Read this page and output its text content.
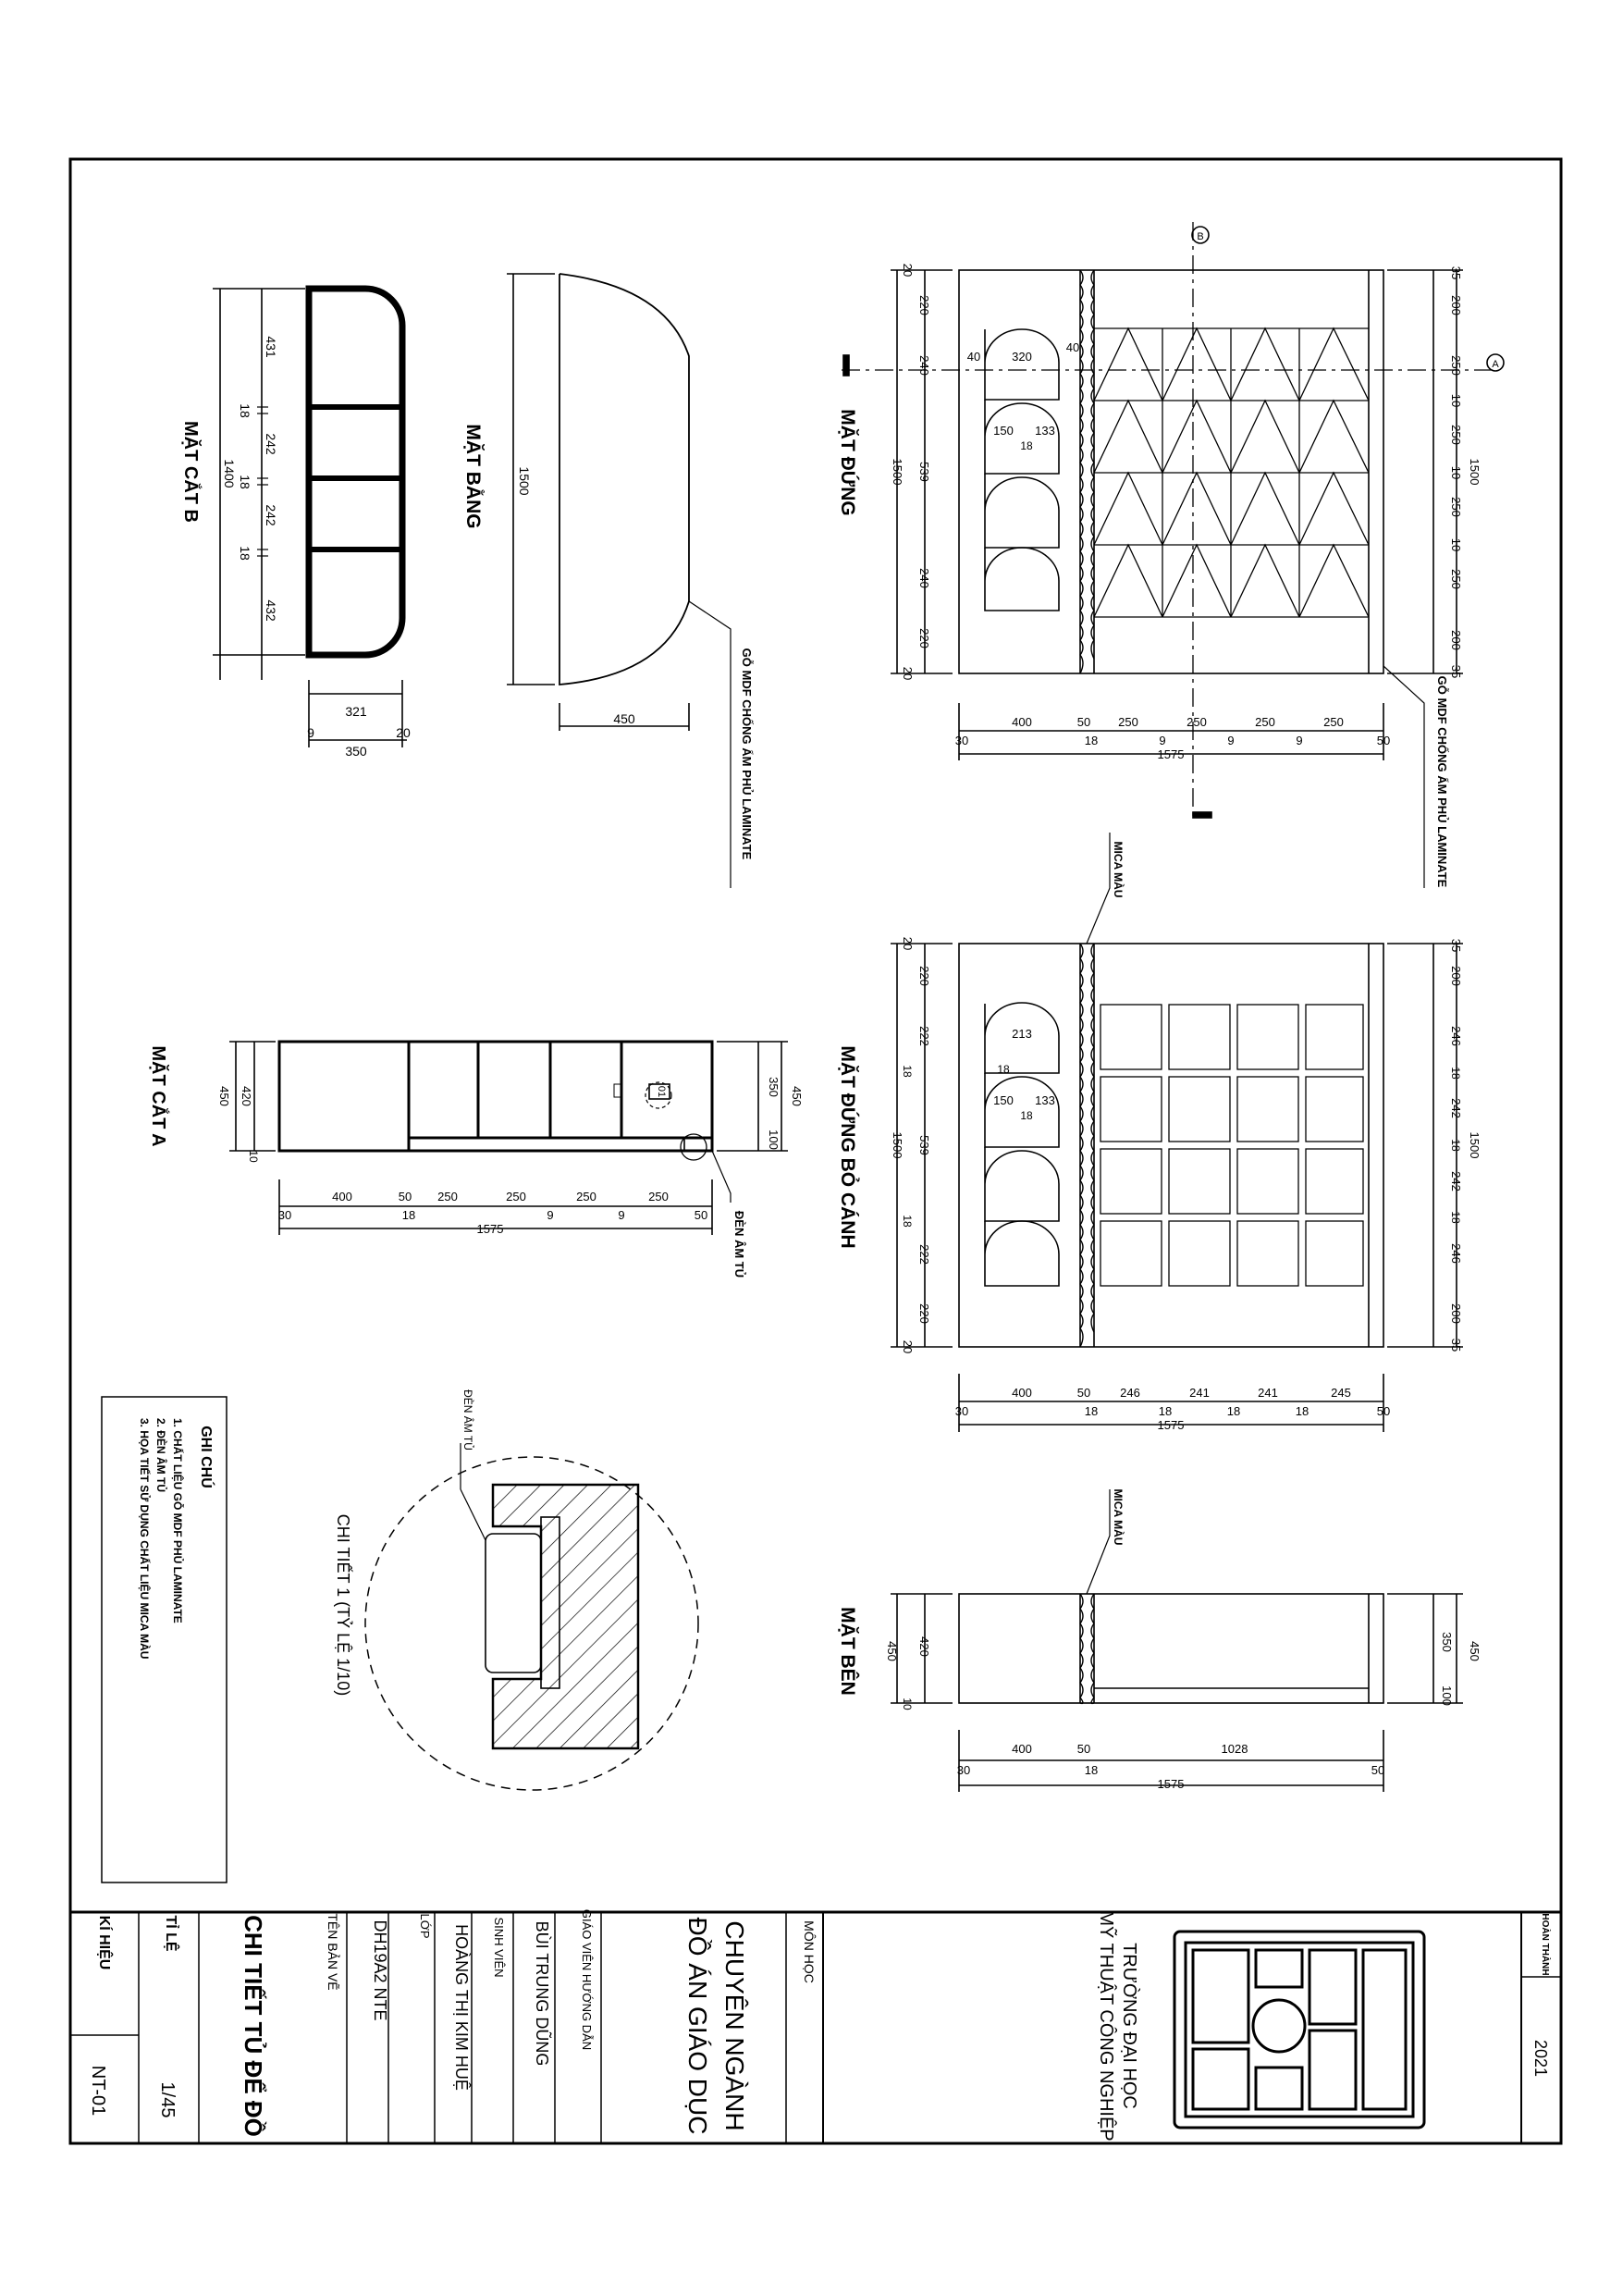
MẶT CẮT B
431
18
242
18
242
18
432
1400
321
9	20
350
MẶT BẰNG	1500
450	GỖ MDF CHỐNG ẨM PHỦ LAMINATE
B
A
MẶT ĐỨNG
20
220
240
539
240
220
20
1500
35
200
250
10
250
10
250
10
250
200
35
1500
40	320
40
150 133
18
400	50 250	250	250	250
30	18	9	9	9	50
1575	GỖ MDF CHỐNG ẨM PHỦ LAMINATE
MẶT CẮT A	450 420
10
350 450
100
400	50 250	250	250	250
30	18	9	9	50
1575	ĐÈN ÂM TỦ
01	MẶT ĐỨNG BỎ CÁNH
20
220
222
18
539
18
222
220
20
1500
35
200
246
18
242
18
242
18
246
200
35
1500
213
18
150 133
18
400	50 246	241	241	245
30	18	18	18	18	50
1575
MICA MÀU
MẶT BÊN 450 420
10
350 450
100
400	50	1028
30	18	50
1575
MICA MÀU
ĐÈN ÂM TỦ
CHI TIẾT 1 (TỶ LỆ 1/10)
GHI CHÚ
1. CHẤT LIỆU GỖ MDF PHỦ LAMINATE
2. ĐÈN ÂM TỦ
3. HỌA TIẾT SỬ DỤNG CHẤT LIỆU MICA MÀU
HOÀN THÀNH
2021
TRƯỜNG ĐẠI HỌC
MỸ THUẬT CÔNG NGHIỆP
MÔN HỌC
CHUYÊN NGÀNH
ĐỒ ÁN GIÁO DỤC
GIÁO VIÊN HƯỚNG DẪN
BÙI TRUNG DŨNG
SINH VIÊN
HOÀNG THỊ KIM HUỆ
LỚP
DH19A2 NTE
TÊN BẢN VẼ
CHI TIẾT TỦ ĐỂ ĐỒ
TỈ LỆ
1/45
KÍ HIỆU
NT-01
